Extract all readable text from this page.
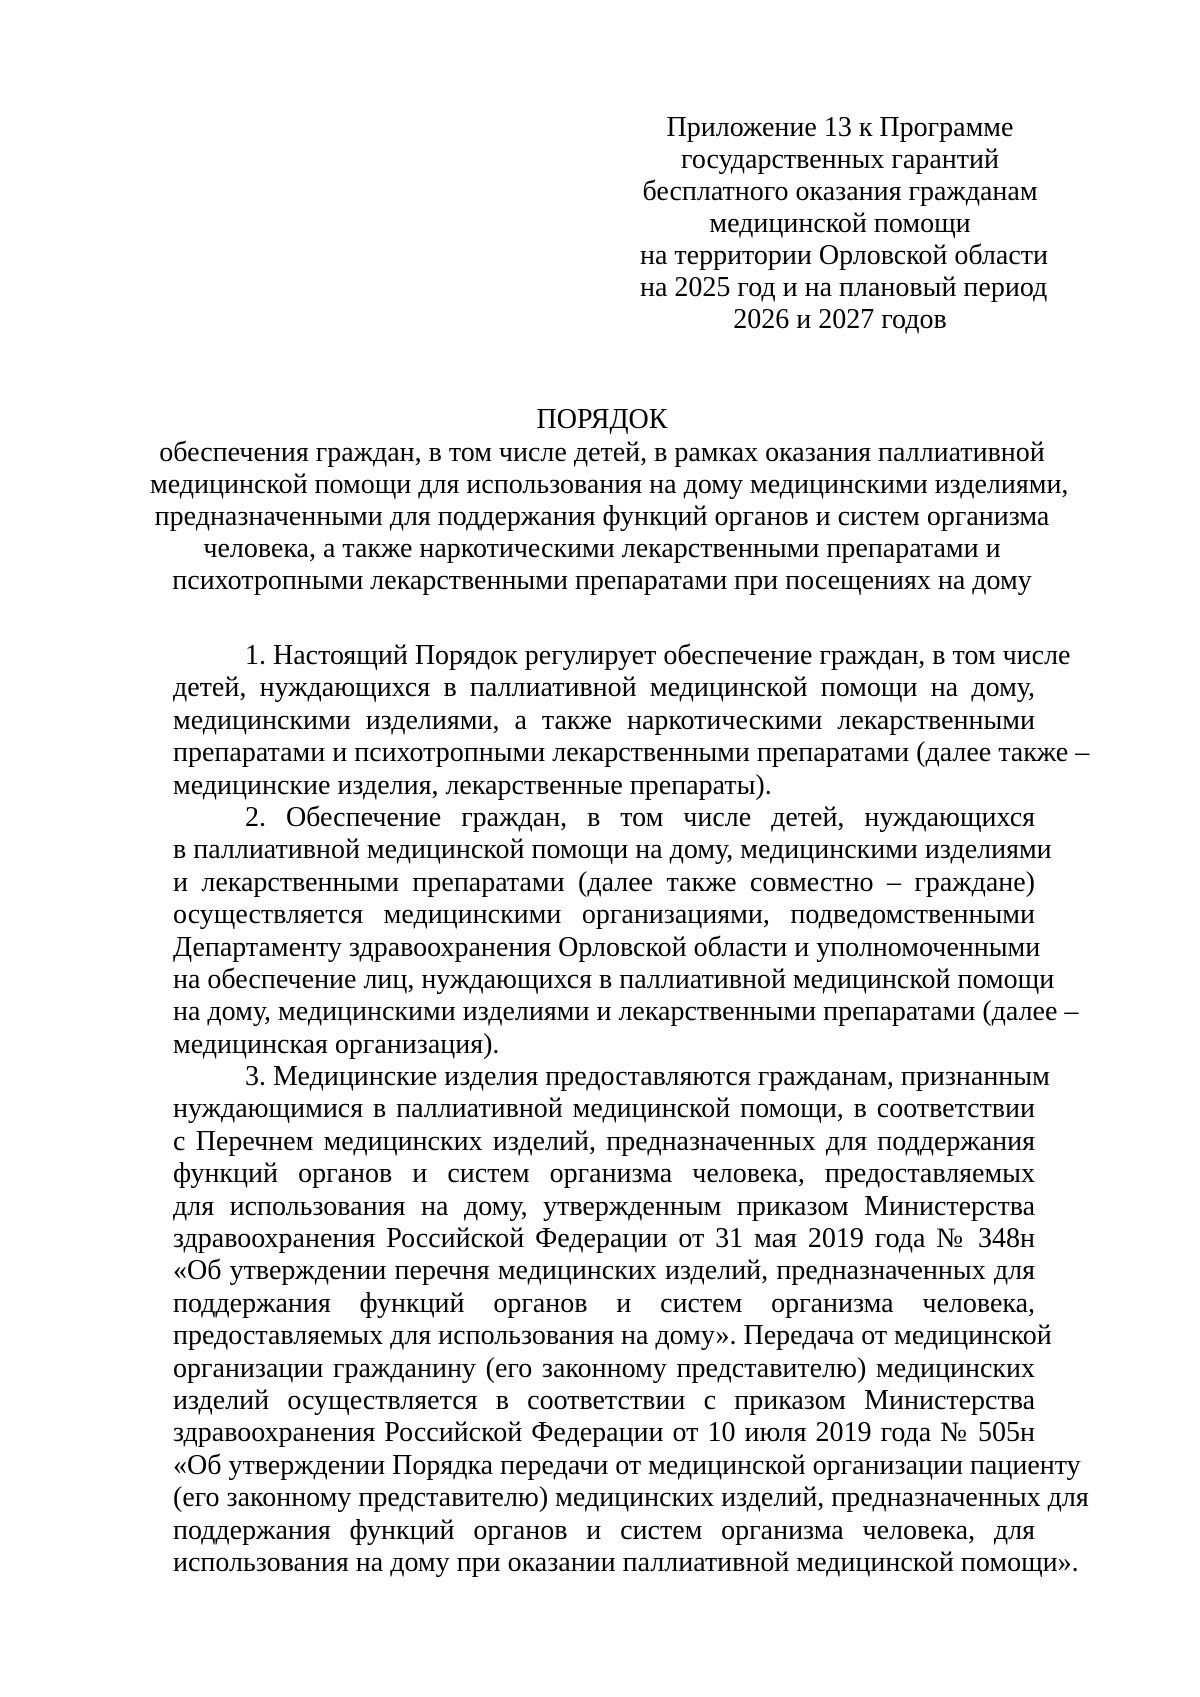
Приложение 13 к Программе
государственных гарантий
бесплатного оказания гражданам
медицинской помощи
на территории Орловской области
на 2025 год и на плановый период
2026 и 2027 годов
ПОРЯДОК
обеспечения граждан, в том числе детей, в рамках оказания паллиативной
медицинской помощи для использования на дому медицинскими изделиями,
предназначенными для поддержания функций органов и систем организма
человека, а также наркотическими лекарственными препаратами и
психотропными лекарственными препаратами при посещениях на дому
1. Настоящий Порядок регулирует обеспечение граждан, в том числе
детей, нуждающихся в паллиативной медицинской помощи на дому,
медицинскими изделиями, а также наркотическими лекарственными
препаратами и психотропными лекарственными препаратами (далее также –
медицинские изделия, лекарственные препараты).
2. Обеспечение граждан, в том числе детей, нуждающихся
в паллиативной медицинской помощи на дому, медицинскими изделиями
и лекарственными препаратами (далее также совместно – граждане)
осуществляется медицинскими организациями, подведомственными
Департаменту здравоохранения Орловской области и уполномоченными
на обеспечение лиц, нуждающихся в паллиативной медицинской помощи
на дому, медицинскими изделиями и лекарственными препаратами (далее –
медицинская организация).
3. Медицинские изделия предоставляются гражданам, признанным
нуждающимися в паллиативной медицинской помощи, в соответствии
с Перечнем медицинских изделий, предназначенных для поддержания
функций органов и систем организма человека, предоставляемых
для использования на дому, утвержденным приказом Министерства
здравоохранения Российской Федерации от 31 мая 2019 года № 348н
«Об утверждении перечня медицинских изделий, предназначенных для
поддержания функций органов и систем организма человека,
предоставляемых для использования на дому». Передача от медицинской
организации гражданину (его законному представителю) медицинских
изделий осуществляется в соответствии с приказом Министерства
здравоохранения Российской Федерации от 10 июля 2019 года № 505н
«Об утверждении Порядка передачи от медицинской организации пациенту
(его законному представителю) медицинских изделий, предназначенных для
поддержания функций органов и систем организма человека, для
использования на дому при оказании паллиативной медицинской помощи».
